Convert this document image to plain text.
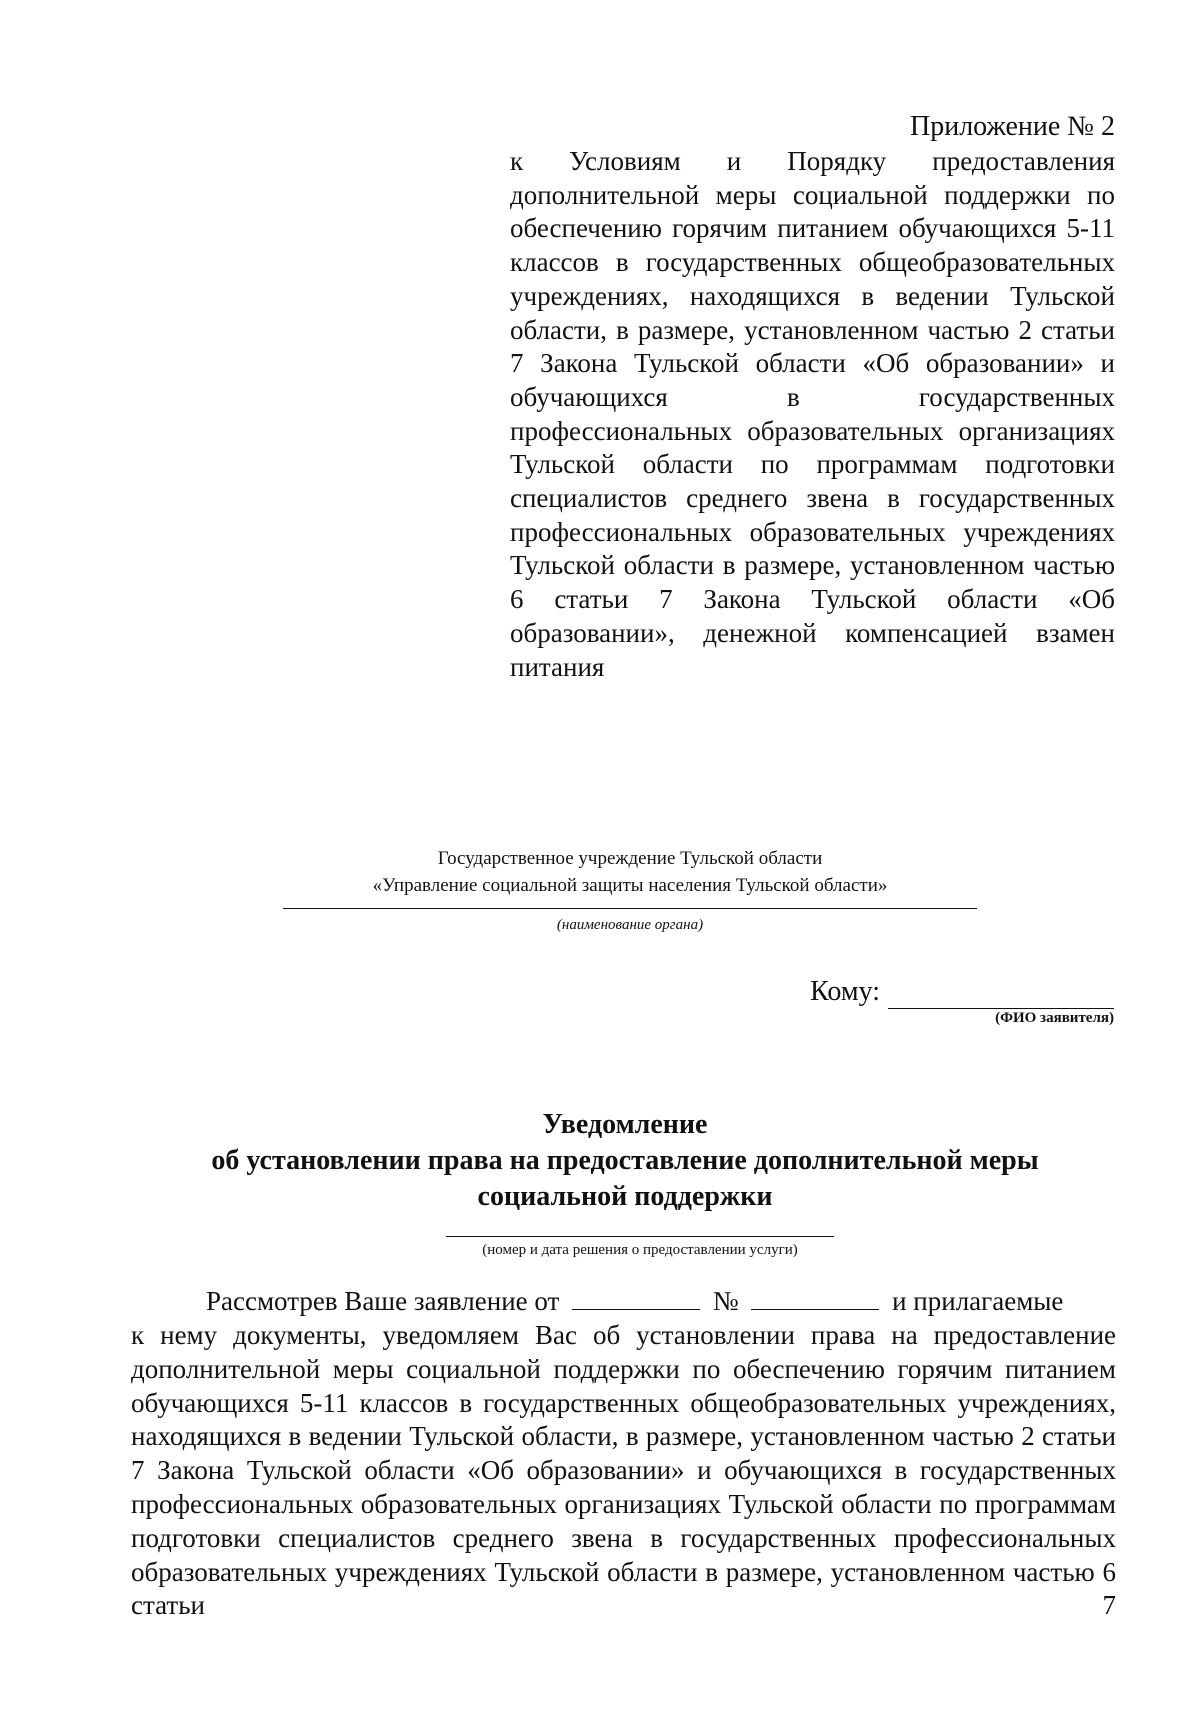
Приложение № 2

к Условиям и Порядку предоставления дополнительной меры социальной поддержки по обеспечению горячим питанием обучающихся 5-11 классов в государственных общеобразовательных учреждениях, находящихся в ведении Тульской области, в размере, установленном частью 2 статьи 7 Закона Тульской области «Об образовании» и обучающихся в государственных профессиональных образовательных организациях Тульской области по программам подготовки специалистов среднего звена в государственных профессиональных образовательных учреждениях Тульской области в размере, установленном частью 6 статьи 7 Закона Тульской области «Об образовании», денежной компенсацией взамен питания

Государственное учреждение Тульской области
«Управление социальной защиты населения Тульской области»
(наименование органа)
Кому:
(ФИО заявителя)
Уведомление
об установлении права на предоставление дополнительной меры
социальной поддержки
(номер и дата решения о предоставлении услуги)
Рассмотрев Ваше заявление от	№	и прилагаемые

к нему документы, уведомляем Вас об установлении права на предоставление дополнительной меры социальной поддержки по обеспечению горячим питанием обучающихся 5-11 классов в государственных общеобразовательных учреждениях, находящихся в ведении Тульской области, в размере, установленном частью 2 статьи 7 Закона Тульской области «Об образовании» и обучающихся в государственных профессиональных образовательных организациях Тульской области по программам подготовки специалистов среднего звена в государственных профессиональных образовательных учреждениях Тульской области в размере, установленном частью 6 статьи 7
